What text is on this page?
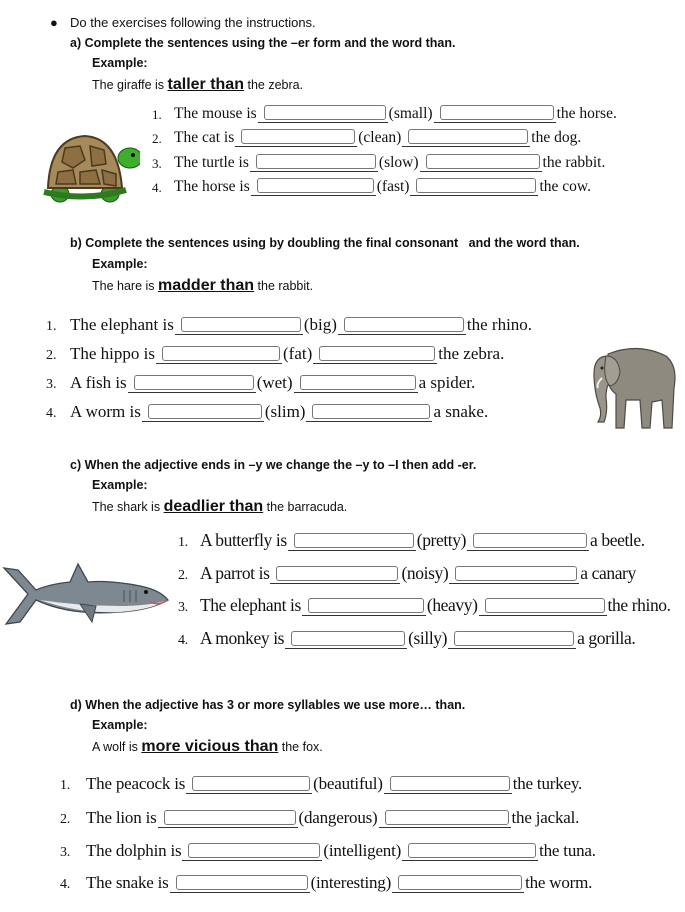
● Do the exercises following the instructions.
a) Complete the sentences using the –er form and the word than.
Example:
The giraffe is taller than the zebra.
1. The mouse is	(small)	the horse.
2. The cat is	(clean)	the dog.
3. The turtle is	(slow)	the rabbit.
4. The horse is	(fast)	the cow.
b) Complete the sentences using by doubling the final consonant   and the word than.
Example:
The hare is madder than the rabbit.
1. The elephant is	(big)	the rhino.
2. The hippo is	(fat)	the zebra.
3. A fish is	(wet)	a spider.
4. A worm is	(slim)	a snake.
c) When the adjective ends in –y we change the –y to –I then add -er.
Example:
The shark is deadlier than the barracuda.
1. A butterfly is	(pretty)	a beetle.
2. A parrot is	(noisy)	a canary
3. The elephant is	(heavy)	the rhino.
4. A monkey is	(silly)	a gorilla.
d) When the adjective has 3 or more syllables we use more… than.
Example:
A wolf is more vicious than the fox.
1. The peacock is	(beautiful)	the turkey.
2. The lion is	(dangerous)	the jackal.
3. The dolphin is	(intelligent)	the tuna.
4. The snake is	(interesting)	the worm.
